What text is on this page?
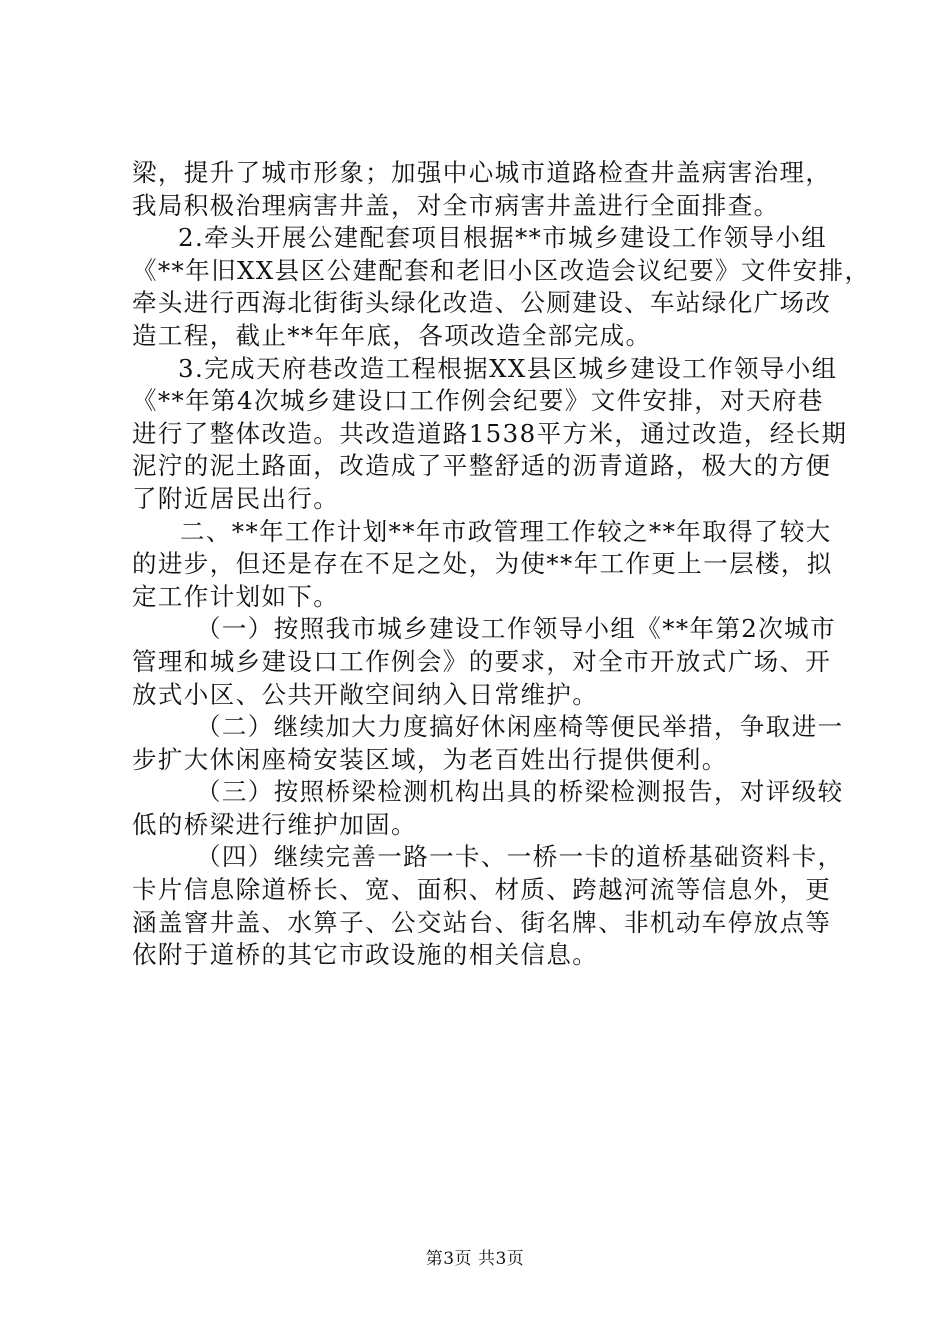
梁，提升了城市形象；加强中心城市道路检查井盖病害治理，
我局积极治理病害井盖，对全市病害井盖进行全面排查。
2.牵头开展公建配套项目根据**市城乡建设工作领导小组
《**年旧XX县区公建配套和老旧小区改造会议纪要》文件安排，
牵头进行西海北街街头绿化改造、公厕建设、车站绿化广场改
造工程，截止**年年底，各项改造全部完成。
3.完成天府巷改造工程根据XX县区城乡建设工作领导小组
《**年第4次城乡建设口工作例会纪要》文件安排，对天府巷
进行了整体改造。共改造道路1538平方米，通过改造，经长期
泥泞的泥土路面，改造成了平整舒适的沥青道路，极大的方便
了附近居民出行。
二、**年工作计划**年市政管理工作较之**年取得了较大
的进步，但还是存在不足之处，为使**年工作更上一层楼，拟
定工作计划如下。
（一）按照我市城乡建设工作领导小组《**年第2次城市
管理和城乡建设口工作例会》的要求，对全市开放式广场、开
放式小区、公共开敞空间纳入日常维护。
（二）继续加大力度搞好休闲座椅等便民举措，争取进一
步扩大休闲座椅安装区域，为老百姓出行提供便利。
（三）按照桥梁检测机构出具的桥梁检测报告，对评级较
低的桥梁进行维护加固。
（四）继续完善一路一卡、一桥一卡的道桥基础资料卡，
卡片信息除道桥长、宽、面积、材质、跨越河流等信息外，更
涵盖窨井盖、水箅子、公交站台、街名牌、非机动车停放点等
依附于道桥的其它市政设施的相关信息。
第3页 共3页
